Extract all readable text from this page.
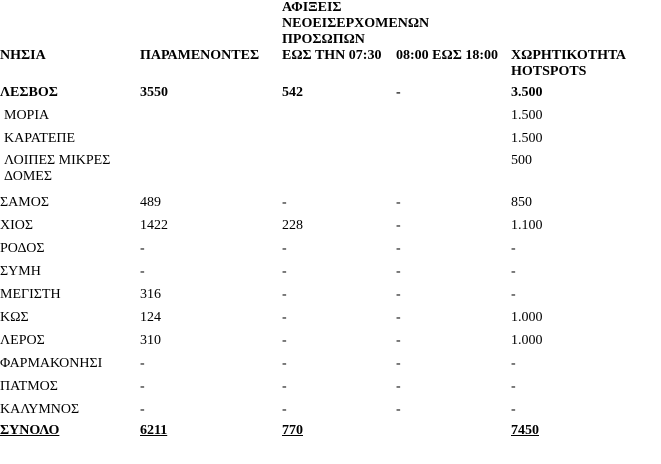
		ΑΦΙΞΕΙΣ ΝΕΟΕΙΣΕΡΧΟΜΕΝΩΝ ΠΡΟΣΩΠΩΝ		
ΝΗΣΙΑ	ΠΑΡΑΜΕΝΟΝΤΕΣ	ΕΩΣ ΤΗΝ 07:30	08:00 ΕΩΣ 18:00	ΧΩΡΗΤΙΚΟΤΗΤΑ HOTSPOTS
ΛΕΣΒΟΣ	3550	542	-	3.500
ΜΟΡΙΑ				1.500
ΚΑΡΑΤΕΠΕ				1.500
ΛΟΙΠΕΣ ΜΙΚΡΕΣ ΔΟΜΕΣ				500
ΣΑΜΟΣ	489	-	-	850
ΧΙΟΣ	1422	228	-	1.100
ΡΟΔΟΣ	-	-	-	-
ΣΥΜΗ	-	-	-	-
ΜΕΓΙΣΤΗ	316	-	-	-
ΚΩΣ	124	-	-	1.000
ΛΕΡΟΣ	310	-	-	1.000
ΦΑΡΜΑΚΟΝΗΣΙ	-	-	-	-
ΠΑΤΜΟΣ	-	-	-	-
ΚΑΛΥΜΝΟΣ	-	-	-	-
ΣΥΝΟΛΟ	6211	770		7450
